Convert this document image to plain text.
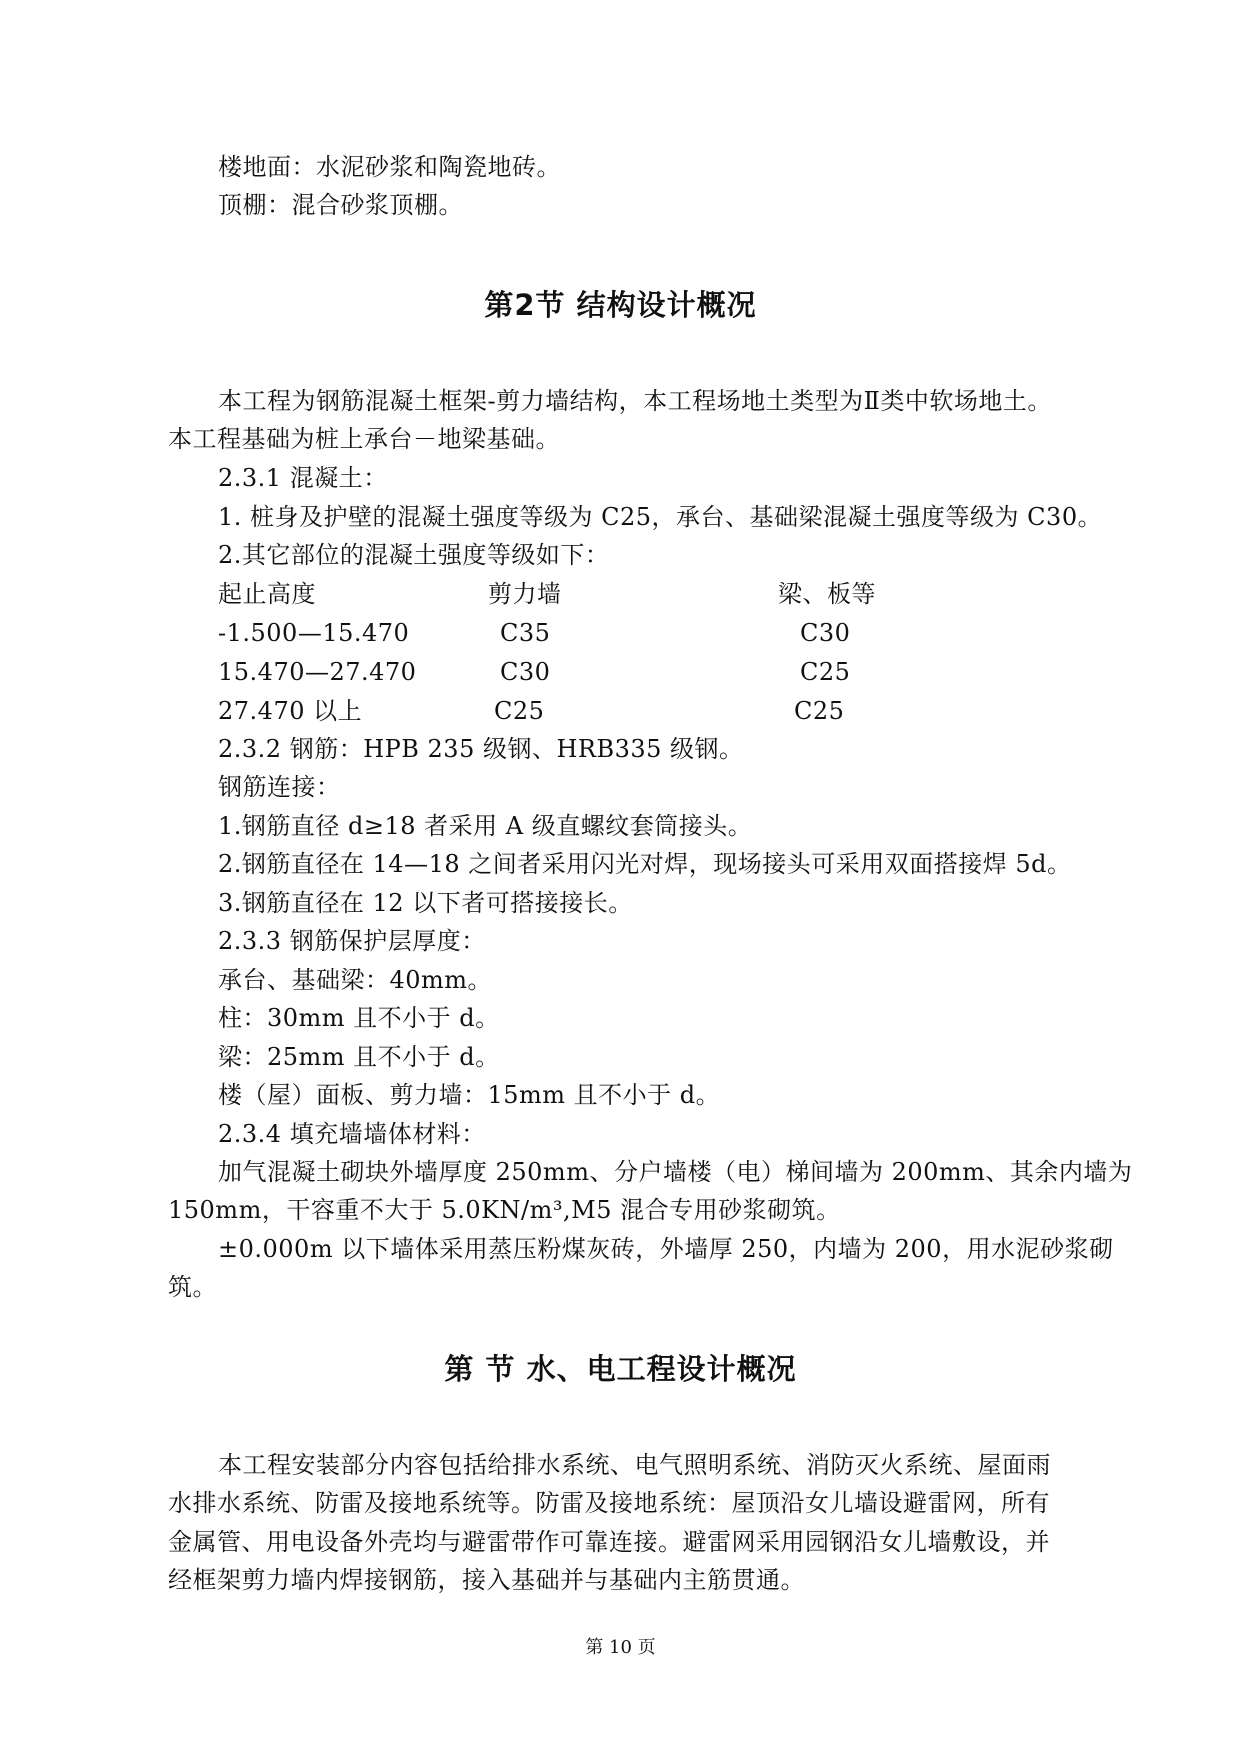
楼地面：水泥砂浆和陶瓷地砖。
顶棚：混合砂浆顶棚。
第2节 结构设计概况
本工程为钢筋混凝土框架-剪力墙结构，本工程场地土类型为Ⅱ类中软场地土。
本工程基础为桩上承台－地梁基础。
2.3.1 混凝土：
1. 桩身及护壁的混凝土强度等级为 C25，承台、基础梁混凝土强度等级为 C30。
2.其它部位的混凝土强度等级如下：
起止高度	剪力墙	梁、板等
-1.500—15.470	C35	C30
15.470—27.470	C30	C25
27.470 以上	C25	C25
2.3.2 钢筋：HPB 235 级钢、HRB335 级钢。
钢筋连接：
1.钢筋直径 d≥18 者采用 A 级直螺纹套筒接头。
2.钢筋直径在 14—18 之间者采用闪光对焊，现场接头可采用双面搭接焊 5d。
3.钢筋直径在 12 以下者可搭接接长。
2.3.3 钢筋保护层厚度：
承台、基础梁：40mm。
柱：30mm 且不小于 d。
梁：25mm 且不小于 d。
楼（屋）面板、剪力墙：15mm 且不小于 d。
2.3.4 填充墙墙体材料：
加气混凝土砌块外墙厚度 250mm、分户墙楼（电）梯间墙为 200mm、其余内墙为
150mm，干容重不大于 5.0KN/m³,M5 混合专用砂浆砌筑。
±0.000m 以下墙体采用蒸压粉煤灰砖，外墙厚 250，内墙为 200，用水泥砂浆砌
筑。
第 节 水、电工程设计概况
本工程安装部分内容包括给排水系统、电气照明系统、消防灭火系统、屋面雨
水排水系统、防雷及接地系统等。防雷及接地系统：屋顶沿女儿墙设避雷网，所有
金属管、用电设备外壳均与避雷带作可靠连接。避雷网采用园钢沿女儿墙敷设，并
经框架剪力墙内焊接钢筋，接入基础并与基础内主筋贯通。
第 10 页
